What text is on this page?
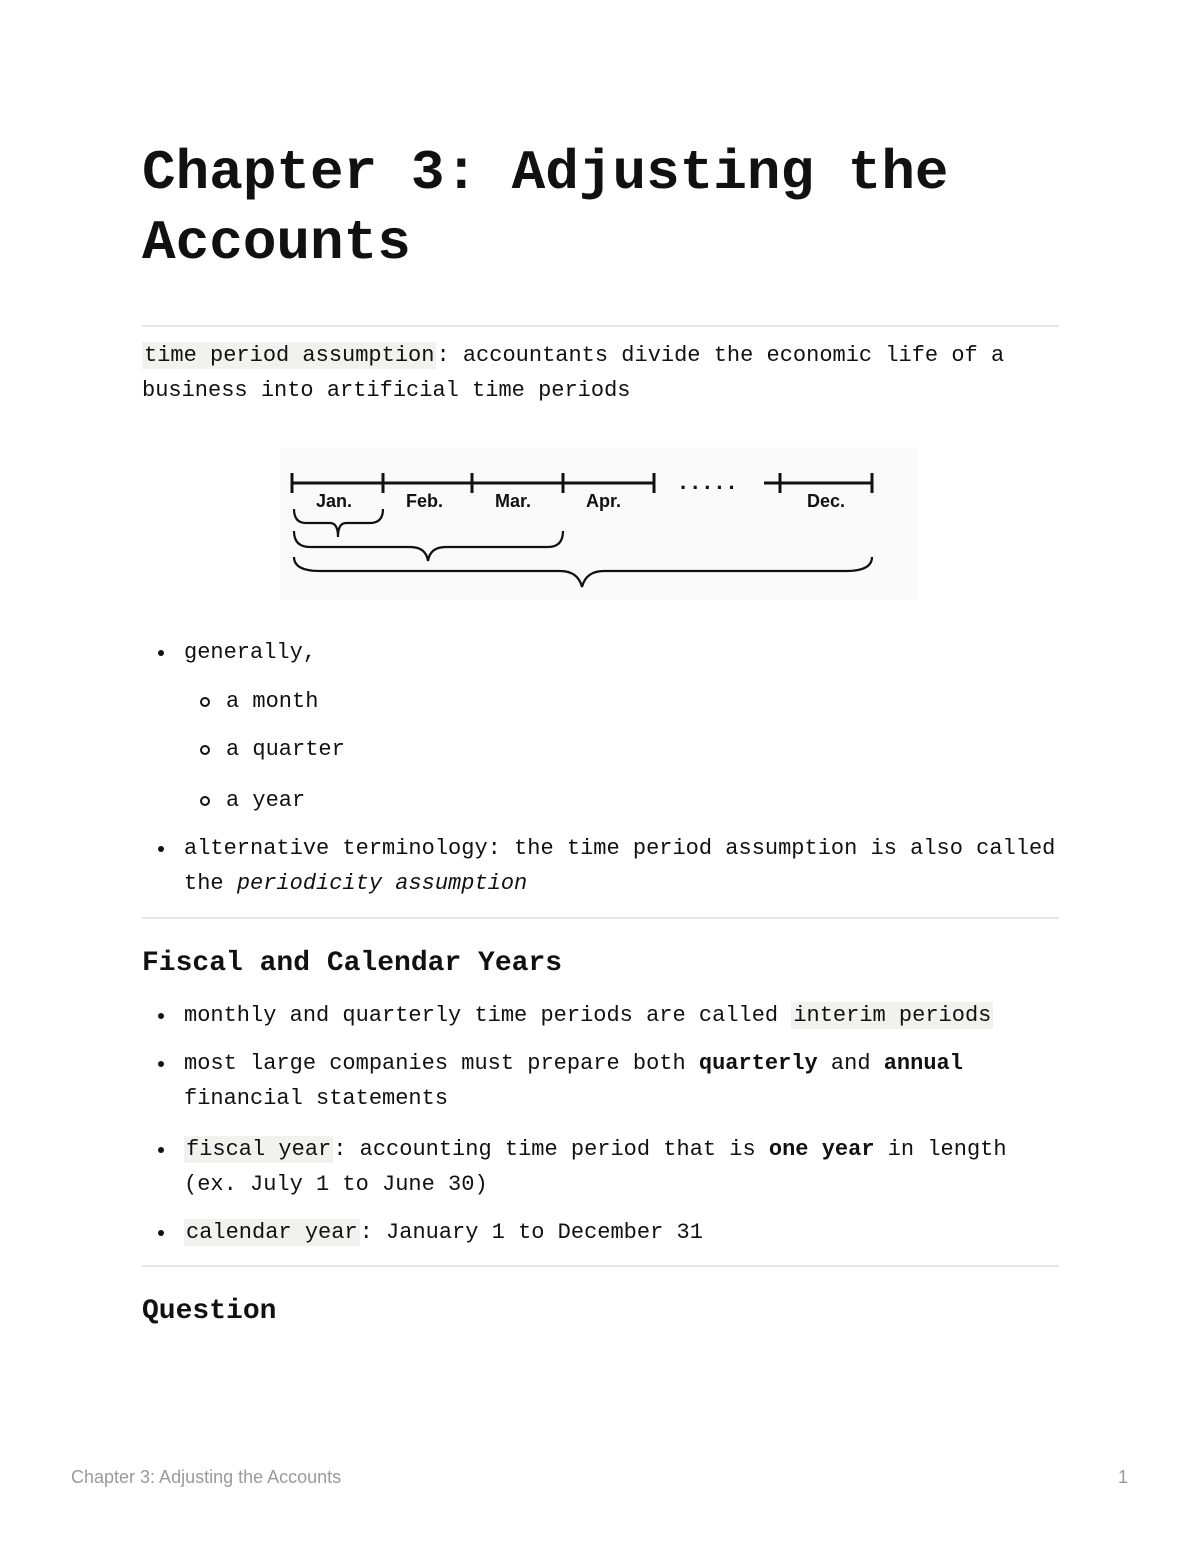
Chapter 3: Adjusting the Accounts
time period assumption: accountants divide the economic life of a business into artificial time periods
Jan.	Feb.	Mar.	Apr.	Dec.
.....
generally,
a month
a quarter
a year
alternative terminology: the time period assumption is also called the periodicity assumption
Fiscal and Calendar Years
monthly and quarterly time periods are called interim periods
most large companies must prepare both quarterly and annual financial statements
fiscal year: accounting time period that is one year in length (ex. July 1 to June 30)
calendar year: January 1 to December 31
Question
Chapter 3: Adjusting the Accounts	1
